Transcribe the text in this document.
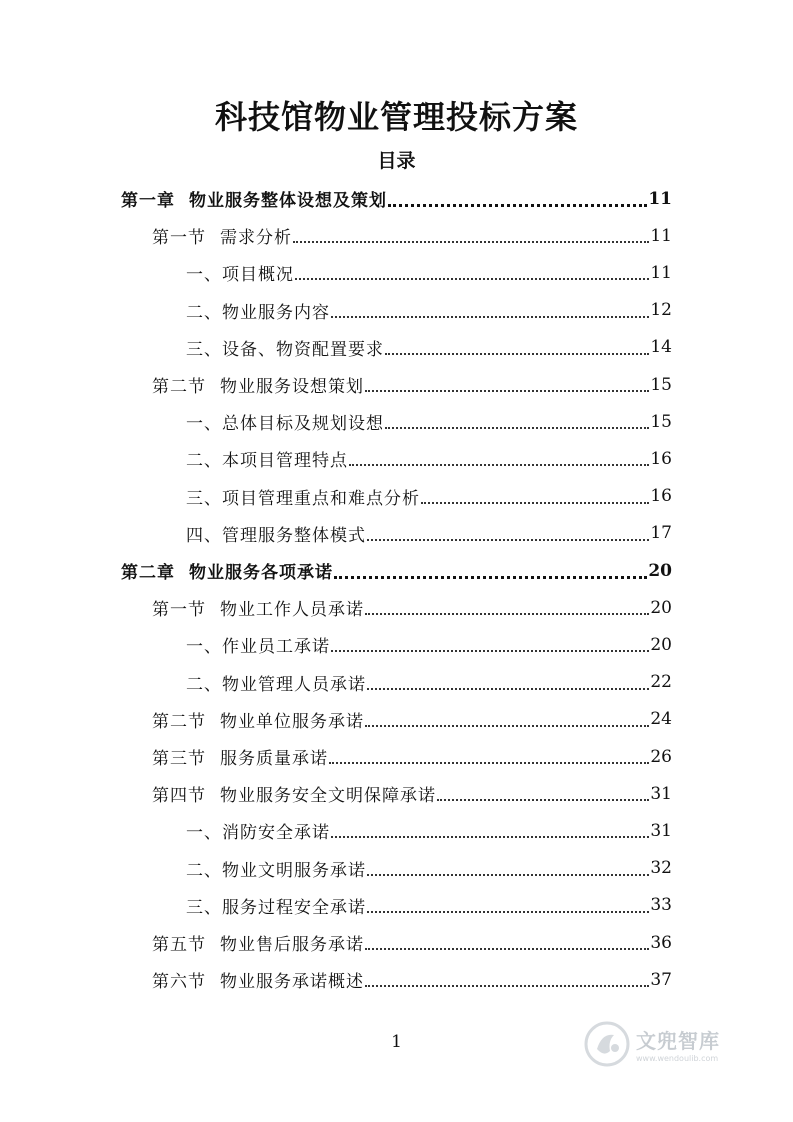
科技馆物业管理投标方案
目录
第一章 物业服务整体设想及策划	11
第一节 需求分析	11
一、项目概况	11
二、物业服务内容	12
三、设备、物资配置要求	14
第二节 物业服务设想策划	15
一、总体目标及规划设想	15
二、本项目管理特点	16
三、项目管理重点和难点分析	16
四、管理服务整体模式	17
第二章 物业服务各项承诺	20
第一节 物业工作人员承诺	20
一、作业员工承诺	20
二、物业管理人员承诺	22
第二节 物业单位服务承诺	24
第三节 服务质量承诺	26
第四节 物业服务安全文明保障承诺	31
一、消防安全承诺	31
二、物业文明服务承诺	32
三、服务过程安全承诺	33
第五节 物业售后服务承诺	36
第六节 物业服务承诺概述	37
1	文兜智库
www.wendoulib.com
